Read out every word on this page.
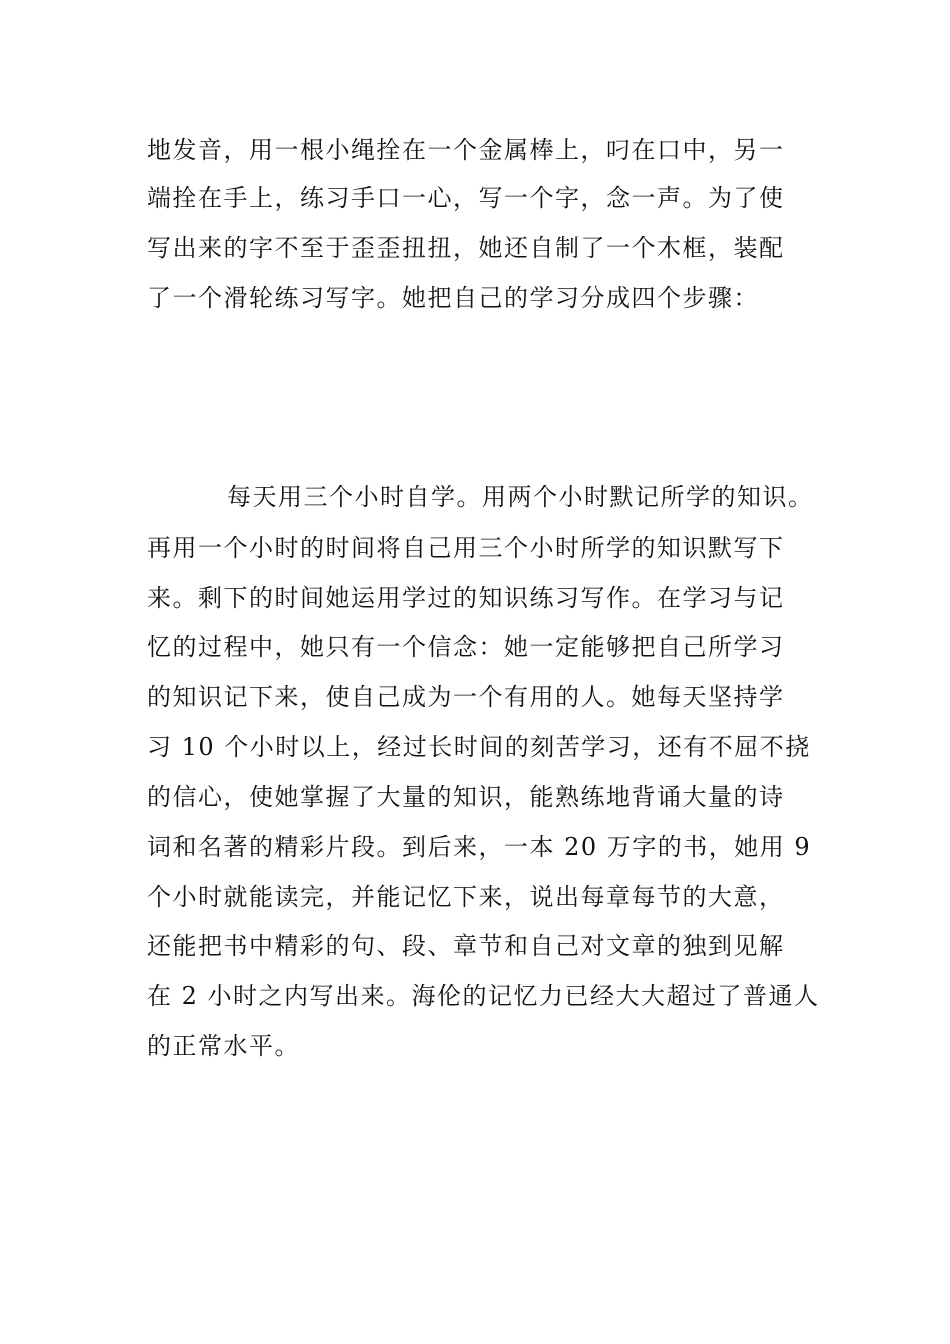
地发音，用一根小绳拴在一个金属棒上，叼在口中，另一
端拴在手上，练习手口一心，写一个字，念一声。为了使
写出来的字不至于歪歪扭扭，她还自制了一个木框，装配
了一个滑轮练习写字。她把自己的学习分成四个步骤：
每天用三个小时自学。用两个小时默记所学的知识。
再用一个小时的时间将自己用三个小时所学的知识默写下
来。剩下的时间她运用学过的知识练习写作。在学习与记
忆的过程中，她只有一个信念：她一定能够把自己所学习
的知识记下来，使自己成为一个有用的人。她每天坚持学
习 10 个小时以上，经过长时间的刻苦学习，还有不屈不挠
的信心，使她掌握了大量的知识，能熟练地背诵大量的诗
词和名著的精彩片段。到后来，一本 20 万字的书，她用 9
个小时就能读完，并能记忆下来，说出每章每节的大意，
还能把书中精彩的句、段、章节和自己对文章的独到见解
在 2 小时之内写出来。海伦的记忆力已经大大超过了普通人
的正常水平。
